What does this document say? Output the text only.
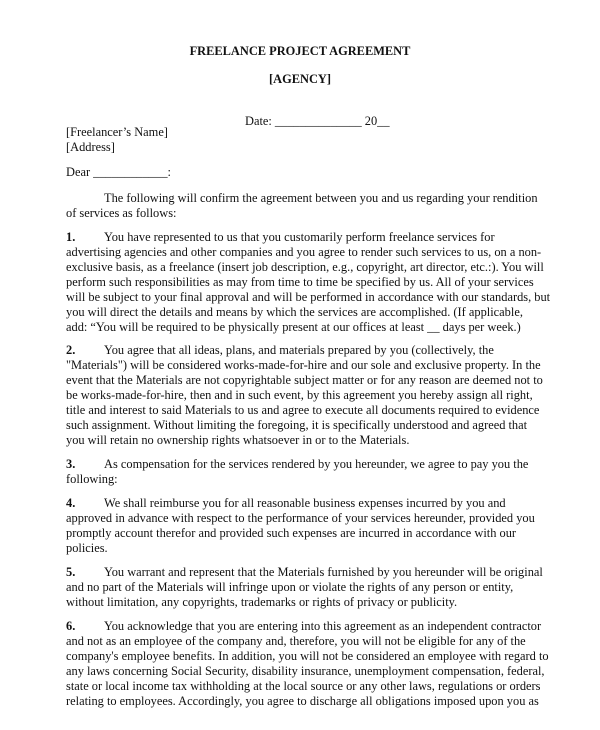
FREELANCE PROJECT AGREEMENT
[AGENCY]
Date: ______________ 20__
[Freelancer’s Name]
[Address]
Dear ____________:
The following will confirm the agreement between you and us regarding your rendition
of services as follows:
1. You have represented to us that you customarily perform freelance services for
advertising agencies and other companies and you agree to render such services to us, on a non-
exclusive basis, as a freelance (insert job description, e.g., copyright, art director, etc.:). You will
perform such responsibilities as may from time to time be specified by us. All of your services
will be subject to your final approval and will be performed in accordance with our standards, but
you will direct the details and means by which the services are accomplished. (If applicable,
add: “You will be required to be physically present at our offices at least __ days per week.)
2. You agree that all ideas, plans, and materials prepared by you (collectively, the
"Materials") will be considered works-made-for-hire and our sole and exclusive property. In the
event that the Materials are not copyrightable subject matter or for any reason are deemed not to
be works-made-for-hire, then and in such event, by this agreement you hereby assign all right,
title and interest to said Materials to us and agree to execute all documents required to evidence
such assignment. Without limiting the foregoing, it is specifically understood and agreed that
you will retain no ownership rights whatsoever in or to the Materials.
3. As compensation for the services rendered by you hereunder, we agree to pay you the
following:
4. We shall reimburse you for all reasonable business expenses incurred by you and
approved in advance with respect to the performance of your services hereunder, provided you
promptly account therefor and provided such expenses are incurred in accordance with our
policies.
5. You warrant and represent that the Materials furnished by you hereunder will be original
and no part of the Materials will infringe upon or violate the rights of any person or entity,
without limitation, any copyrights, trademarks or rights of privacy or publicity.
6. You acknowledge that you are entering into this agreement as an independent contractor
and not as an employee of the company and, therefore, you will not be eligible for any of the
company's employee benefits. In addition, you will not be considered an employee with regard to
any laws concerning Social Security, disability insurance, unemployment compensation, federal,
state or local income tax withholding at the local source or any other laws, regulations or orders
relating to employees. Accordingly, you agree to discharge all obligations imposed upon you as
